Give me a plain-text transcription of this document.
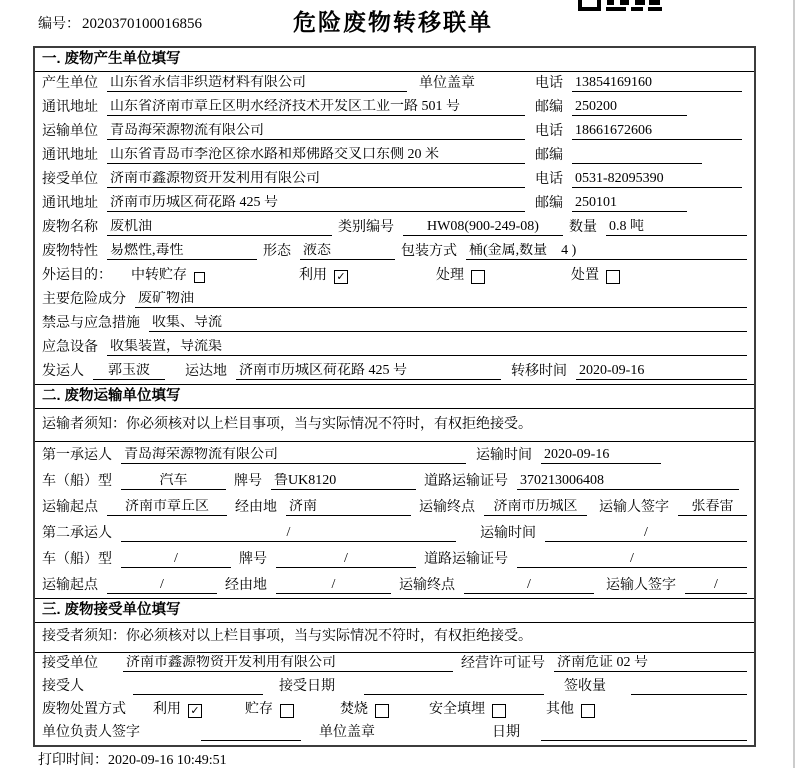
编号： 2020370100016856	危险废物转移联单
一. 废物产生单位填写
产生单位 山东省永信非织造材料有限公司	单位盖章	电话 13854169160
通讯地址 山东省济南市章丘区明水经济技术开发区工业一路 501 号	邮编 250200
运输单位 青岛海荣源物流有限公司	电话 18661672606
通讯地址 山东省青岛市李沧区徐水路和郑佛路交叉口东侧 20 米	邮编
接受单位 济南市鑫源物资开发利用有限公司	电话 0531-82095390
通讯地址 济南市历城区荷花路 425 号	邮编 250101
废物名称 废机油	类别编号	HW08(900-249-08)	数量 0.8 吨
废物特性 易燃性,毒性	形态 液态	包装方式 桶(金属,数量　4 )
外运目的： 中转贮存	利用 ✓	处理	处置
主要危险成分 废矿物油
禁忌与应急措施 收集、导流
应急设备 收集装置，导流渠
发运人	郭玉波	运达地 济南市历城区荷花路 425 号	转移时间 2020-09-16
二. 废物运输单位填写
运输者须知： 你必须核对以上栏目事项，当与实际情况不符时，有权拒绝接受。
第一承运人 青岛海荣源物流有限公司	运输时间 2020-09-16
车（船）型	汽车	牌号 鲁UK8120	道路运输证号 370213006408
运输起点	济南市章丘区	经由地 济南	运输终点	济南市历城区	运输人签字	张春雷
第二承运人	/	运输时间	/
车（船）型	/	牌号	/	道路运输证号	/
运输起点	/	经由地	/	运输终点	/	运输人签字	/
三. 废物接受单位填写
接受者须知： 你必须核对以上栏目事项，当与实际情况不符时，有权拒绝接受。
接受单位 济南市鑫源物资开发利用有限公司	经营许可证号 济南危证 02 号
接受人	接受日期	签收量
废物处置方式 利用 ✓	贮存	焚烧	安全填埋	其他
单位负责人签字	单位盖章	日期
打印时间：2020-09-16 10:49:51
